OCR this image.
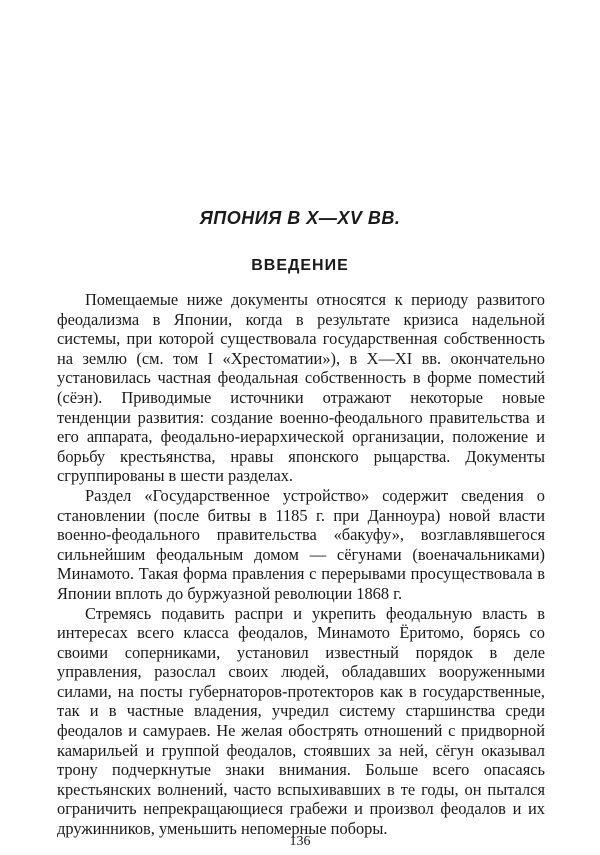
ЯПОНИЯ В X—XV ВВ.
ВВЕДЕНИЕ

Помещаемые ниже документы относятся к периоду развитого феодализма в Японии, когда в результате кризиса надельной системы, при которой существовала государственная собственность на землю (см. том I «Хрестоматии»), в X—XI вв. окончательно установилась частная феодальная собственность в форме поместий (сёэн). Приводимые источники отражают некоторые новые тенденции развития: создание военно-феодального правительства и его аппарата, феодально-иерархической организации, положение и борьбу крестьянства, нравы японского рыцарства. Документы сгруппированы в шести разделах.

Раздел «Государственное устройство» содержит сведения о становлении (после битвы в 1185 г. при Данноура) новой власти военно-феодального правительства «бакуфу», возглавлявшегося сильнейшим феодальным домом — сёгунами (военачальниками) Минамото. Такая форма правления с перерывами просуществовала в Японии вплоть до буржуазной революции 1868 г.

Стремясь подавить распри и укрепить феодальную власть в интересах всего класса феодалов, Минамото Ёритомо, борясь со своими соперниками, установил известный порядок в деле управления, разослал своих людей, обладавших вооруженными силами, на посты губернаторов-протекторов как в государственные, так и в частные владения, учредил систему старшинства среди феодалов и самураев. Не желая обострять отношений с придворной камарильей и группой феодалов, стоявших за ней, сёгун оказывал трону подчеркнутые знаки внимания. Больше всего опасаясь крестьянских волнений, часто вспыхивавших в те годы, он пытался ограничить непрекращающиеся грабежи и произвол феодалов и их дружинников, уменьшить непомерные поборы.

136
